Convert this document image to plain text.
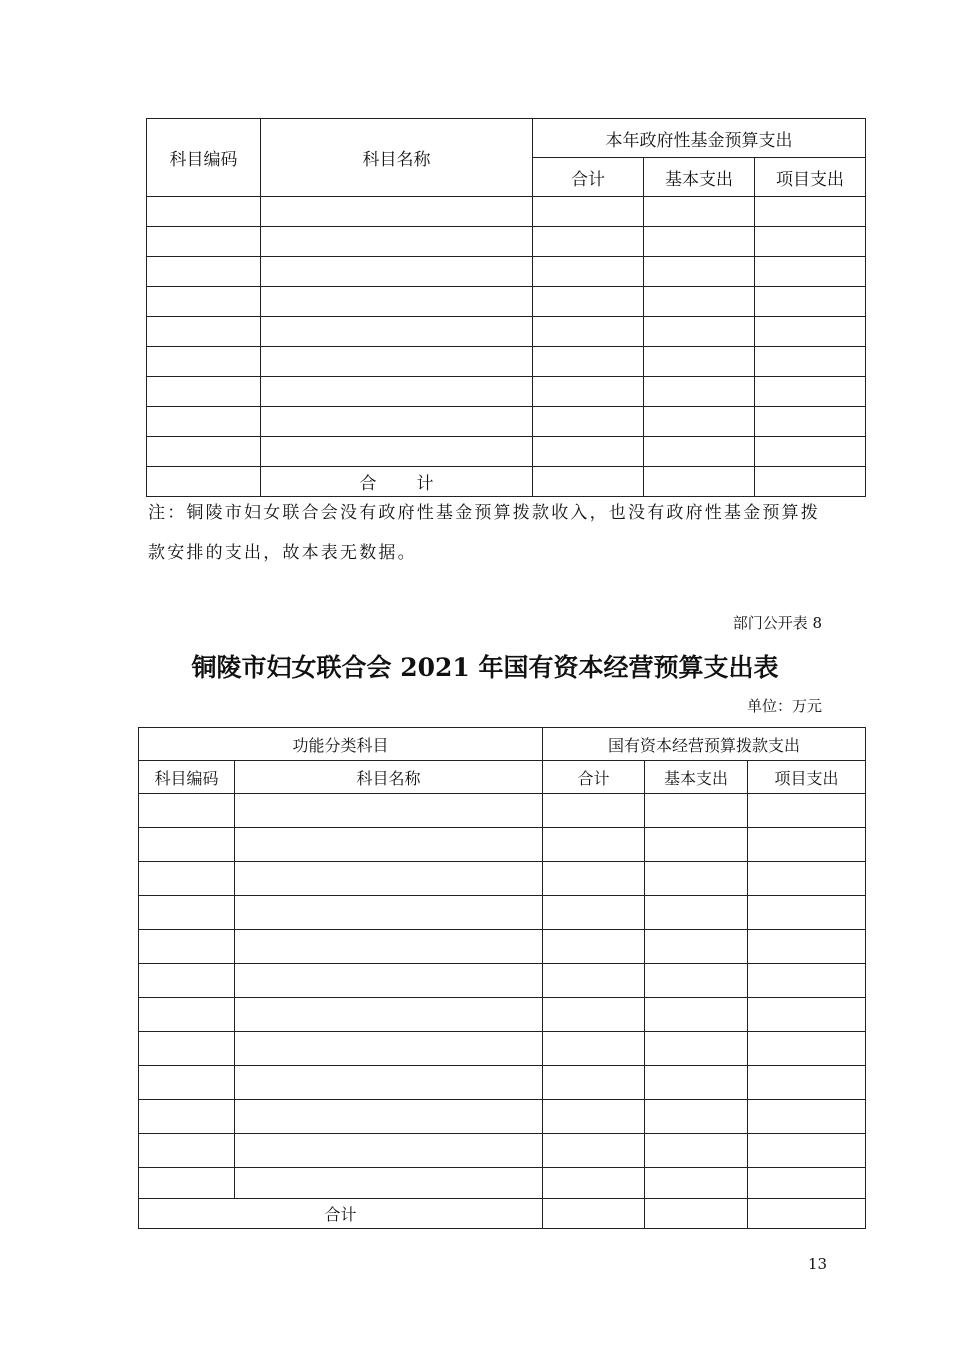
科目编码	科目名称	本年政府性基金预算支出		
		合计	基本支出	项目支出

	合计			
注：铜陵市妇女联合会没有政府性基金预算拨款收入，也没有政府性基金预算拨
款安排的支出，故本表无数据。
部门公开表 8
铜陵市妇女联合会 2021 年国有资本经营预算支出表
单位：万元
功能分类科目		国有资本经营预算拨款支出		
科目编码	科目名称	合计	基本支出	项目支出

合计				
13
